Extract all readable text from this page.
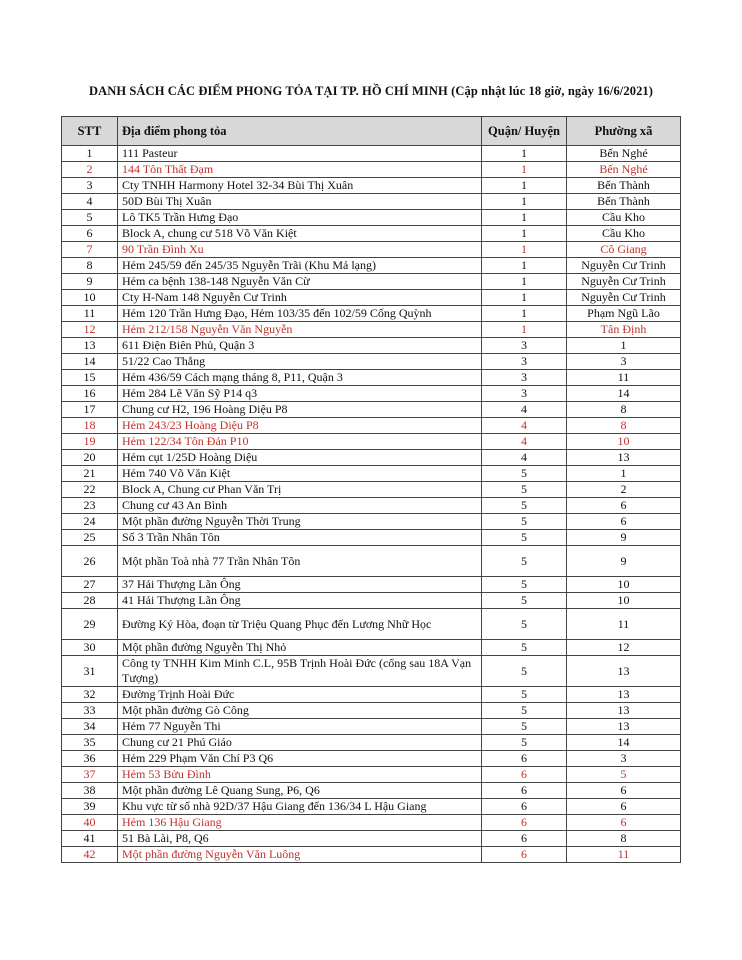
DANH SÁCH CÁC ĐIỂM PHONG TỎA TẠI TP. HỒ CHÍ MINH (Cập nhật lúc 18 giờ, ngày 16/6/2021)
STT	Địa điểm phong tỏa	Quận/ Huyện	Phường xã
1	111 Pasteur	1	Bến Nghé
2	144 Tôn Thất Đạm	1	Bến Nghé
3	Cty TNHH Harmony Hotel 32-34 Bùi Thị Xuân	1	Bến Thành
4	50D Bùi Thị Xuân	1	Bến Thành
5	Lô TK5 Trần Hưng Đạo	1	Cầu Kho
6	Block A, chung cư 518 Võ Văn Kiệt	1	Cầu Kho
7	90 Trần Đình Xu	1	Cô Giang
8	Hẻm 245/59 đến 245/35 Nguyễn Trãi (Khu Mả lạng)	1	Nguyễn Cư Trinh
9	Hẻm ca bệnh 138-148 Nguyễn Văn Cừ	1	Nguyễn Cư Trinh
10	Cty H-Nam 148 Nguyễn Cư Trinh	1	Nguyễn Cư Trinh
11	Hẻm 120 Trần Hưng Đạo, Hẻm 103/35 đến 102/59 Cống Quỳnh	1	Phạm Ngũ Lão
12	Hẻm 212/158 Nguyễn Văn Nguyễn	1	Tân Định
13	611 Điện Biên Phủ, Quận 3	3	1
14	51/22 Cao Thắng	3	3
15	Hẻm 436/59 Cách mạng tháng 8, P11, Quận 3	3	11
16	Hẻm 284 Lê Văn Sỹ P14 q3	3	14
17	Chung cư H2, 196 Hoàng Diệu P8	4	8
18	Hẻm 243/23 Hoàng Diệu P8	4	8
19	Hẻm 122/34 Tôn Đản P10	4	10
20	Hẻm cụt 1/25D Hoàng Diệu	4	13
21	Hẻm 740 Võ Văn Kiệt	5	1
22	Block A, Chung cư Phan Văn Trị	5	2
23	Chung cư 43 An Bình	5	6
24	Một phần đường Nguyễn Thời Trung	5	6
25	Số 3 Trần Nhân Tôn	5	9
26	Một phần Toà nhà 77 Trần Nhân Tôn	5	9
27	37 Hải Thượng Lãn Ông	5	10
28	41 Hải Thượng Lãn Ông	5	10
29	Đường Ký Hòa, đoạn từ Triệu Quang Phục đến Lương Nhữ Học	5	11
30	Một phần đường Nguyễn Thị Nhỏ	5	12
31	Công ty TNHH Kim Minh C.L, 95B Trịnh Hoài Đức (cổng sau 18A Vạn Tượng)	5	13
32	Đường Trịnh Hoài Đức	5	13
33	Một phần đường Gò Công	5	13
34	Hẻm 77 Nguyễn Thi	5	13
35	Chung cư 21 Phú Giáo	5	14
36	Hẻm 229 Phạm Văn Chí P3 Q6	6	3
37	Hẻm 53 Bửu Đình	6	5
38	Một phần đường Lê Quang Sung, P6, Q6	6	6
39	Khu vực từ số nhà 92D/37 Hậu Giang đến 136/34 L Hậu Giang	6	6
40	Hẻm 136 Hậu Giang	6	6
41	51 Bà Lài, P8, Q6	6	8
42	Một phần đường Nguyễn Văn Luông	6	11
